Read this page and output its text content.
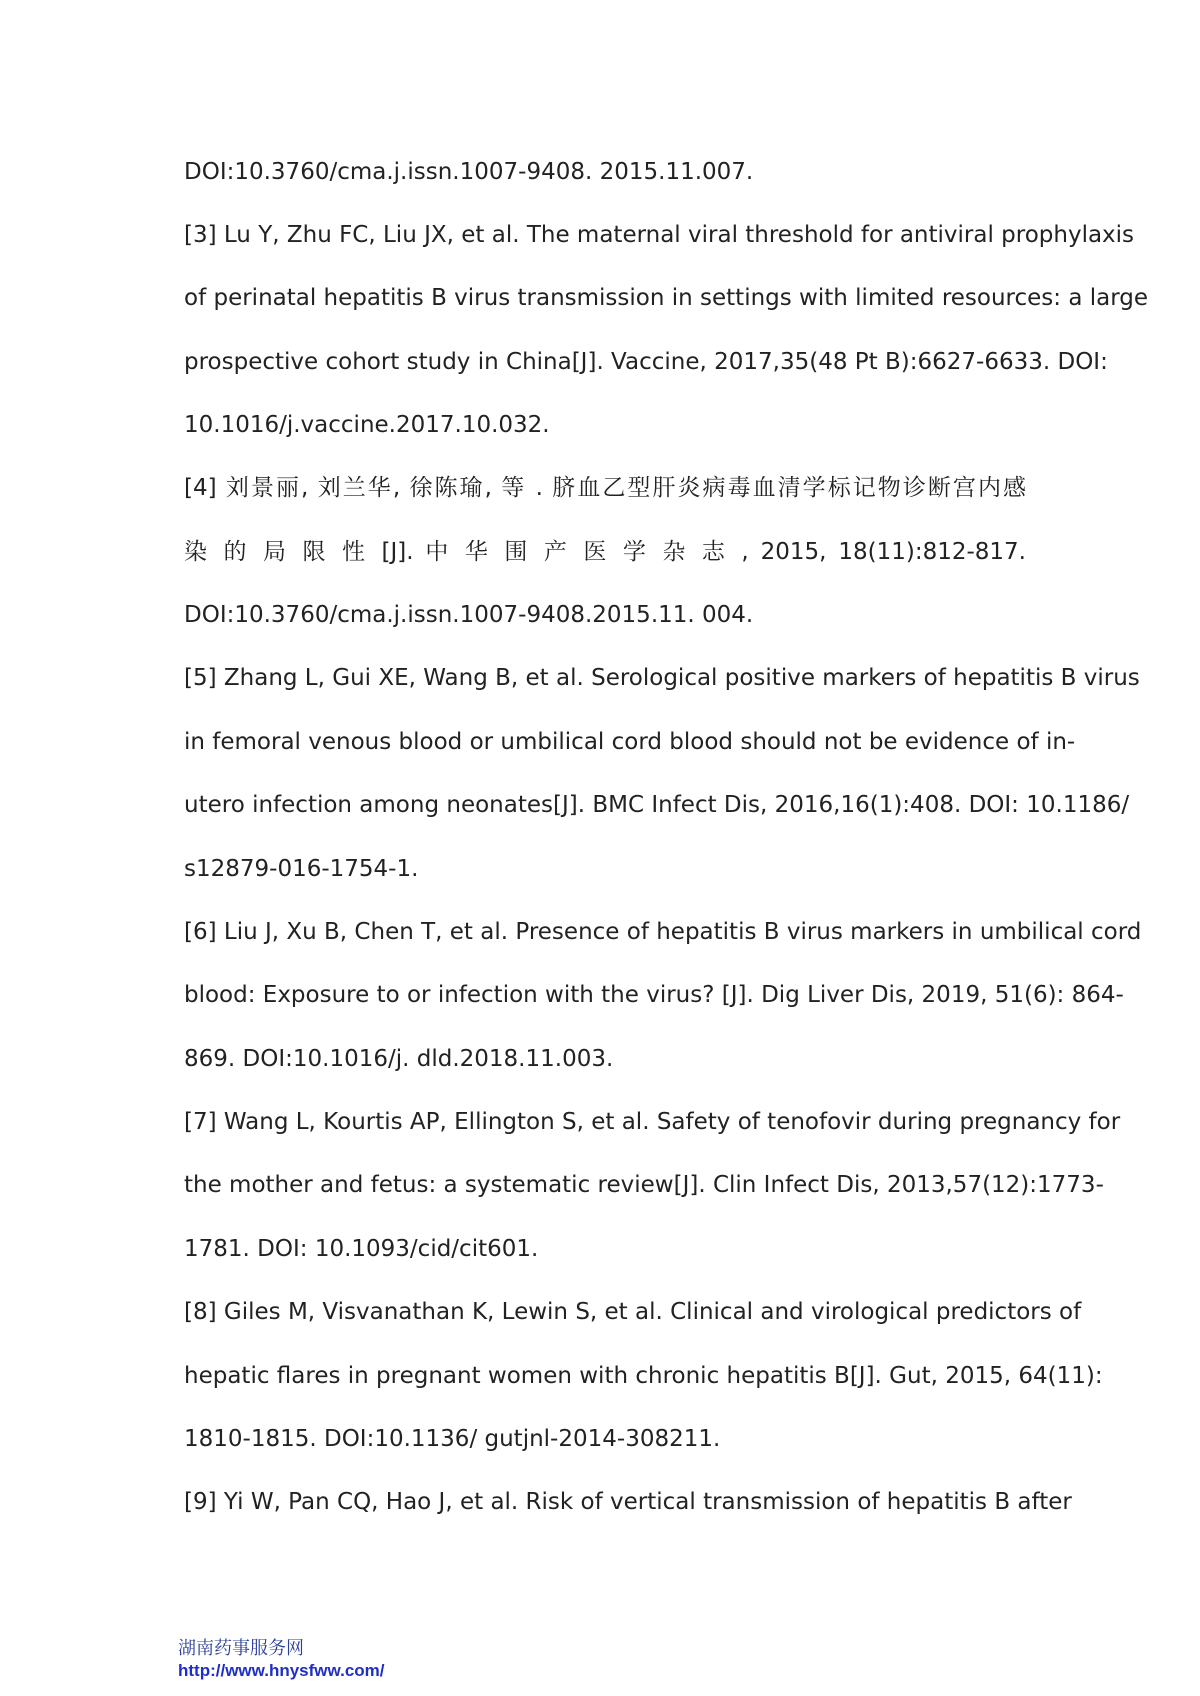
DOI:10.3760/cma.j.issn.1007-9408. 2015.11.007.
[3] Lu Y, Zhu FC, Liu JX, et al. The maternal viral threshold for antiviral prophylaxis
of perinatal hepatitis B virus transmission in settings with limited resources: a large
prospective cohort study in China[J]. Vaccine, 2017,35(48 Pt B):6627-6633. DOI:
10.1016/j.vaccine.2017.10.032.
[4] 刘景丽, 刘兰华, 徐陈瑜, 等 . 脐血乙型肝炎病毒血清学标记物诊断宫内感
染 的 局 限 性 [J]. 中 华 围 产 医 学 杂 志 , 2015, 18(11):812-817.
DOI:10.3760/cma.j.issn.1007-9408.2015.11. 004.
[5] Zhang L, Gui XE, Wang B, et al. Serological positive markers of hepatitis B virus
in femoral venous blood or umbilical cord blood should not be evidence of in-
utero infection among neonates[J]. BMC Infect Dis, 2016,16(1):408. DOI: 10.1186/
s12879-016-1754-1.
[6] Liu J, Xu B, Chen T, et al. Presence of hepatitis B virus markers in umbilical cord
blood: Exposure to or infection with the virus? [J]. Dig Liver Dis, 2019, 51(6): 864-
869. DOI:10.1016/j. dld.2018.11.003.
[7] Wang L, Kourtis AP, Ellington S, et al. Safety of tenofovir during pregnancy for
the mother and fetus: a systematic review[J]. Clin Infect Dis, 2013,57(12):1773-
1781. DOI: 10.1093/cid/cit601.
[8] Giles M, Visvanathan K, Lewin S, et al. Clinical and virological predictors of
hepatic flares in pregnant women with chronic hepatitis B[J]. Gut, 2015, 64(11):
1810-1815. DOI:10.1136/ gutjnl-2014-308211.
[9] Yi W, Pan CQ, Hao J, et al. Risk of vertical transmission of hepatitis B after
湖南药事服务网
http://www.hnysfww.com/
